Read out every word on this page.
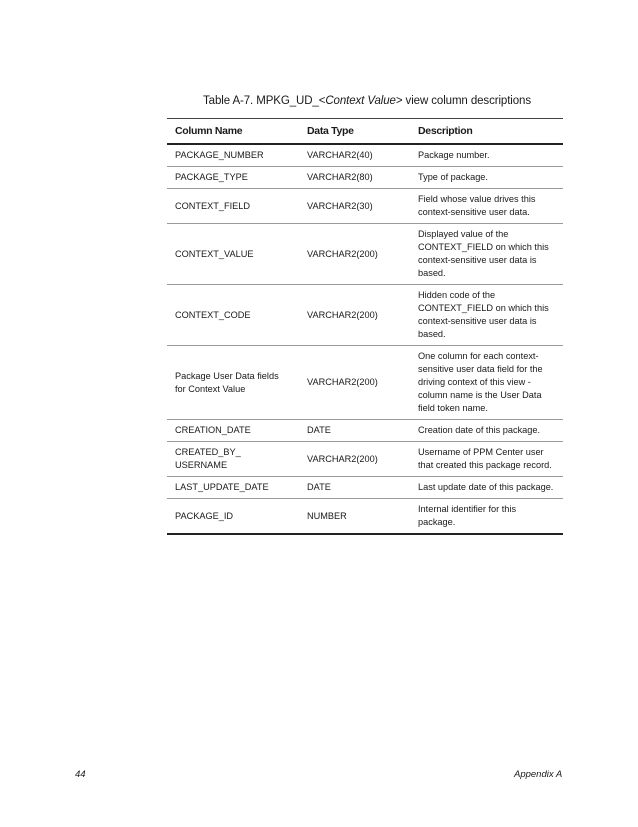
Table A-7. MPKG_UD_<Context Value> view column descriptions
Column Name	Data Type	Description
PACKAGE_NUMBER	VARCHAR2(40)	Package number.
PACKAGE_TYPE	VARCHAR2(80)	Type of package.
CONTEXT_FIELD	VARCHAR2(30)	Field whose value drives this context-sensitive user data.
CONTEXT_VALUE	VARCHAR2(200)	Displayed value of the CONTEXT_FIELD on which this context-sensitive user data is based.
CONTEXT_CODE	VARCHAR2(200)	Hidden code of the CONTEXT_FIELD on which this context-sensitive user data is based.
Package User Data fields for Context Value	VARCHAR2(200)	One column for each context-sensitive user data field for the driving context of this view - column name is the User Data field token name.
CREATION_DATE	DATE	Creation date of this package.
CREATED_BY_ USERNAME	VARCHAR2(200)	Username of PPM Center user that created this package record.
LAST_UPDATE_DATE	DATE	Last update date of this package.
PACKAGE_ID	NUMBER	Internal identifier for this package.
44	Appendix A
